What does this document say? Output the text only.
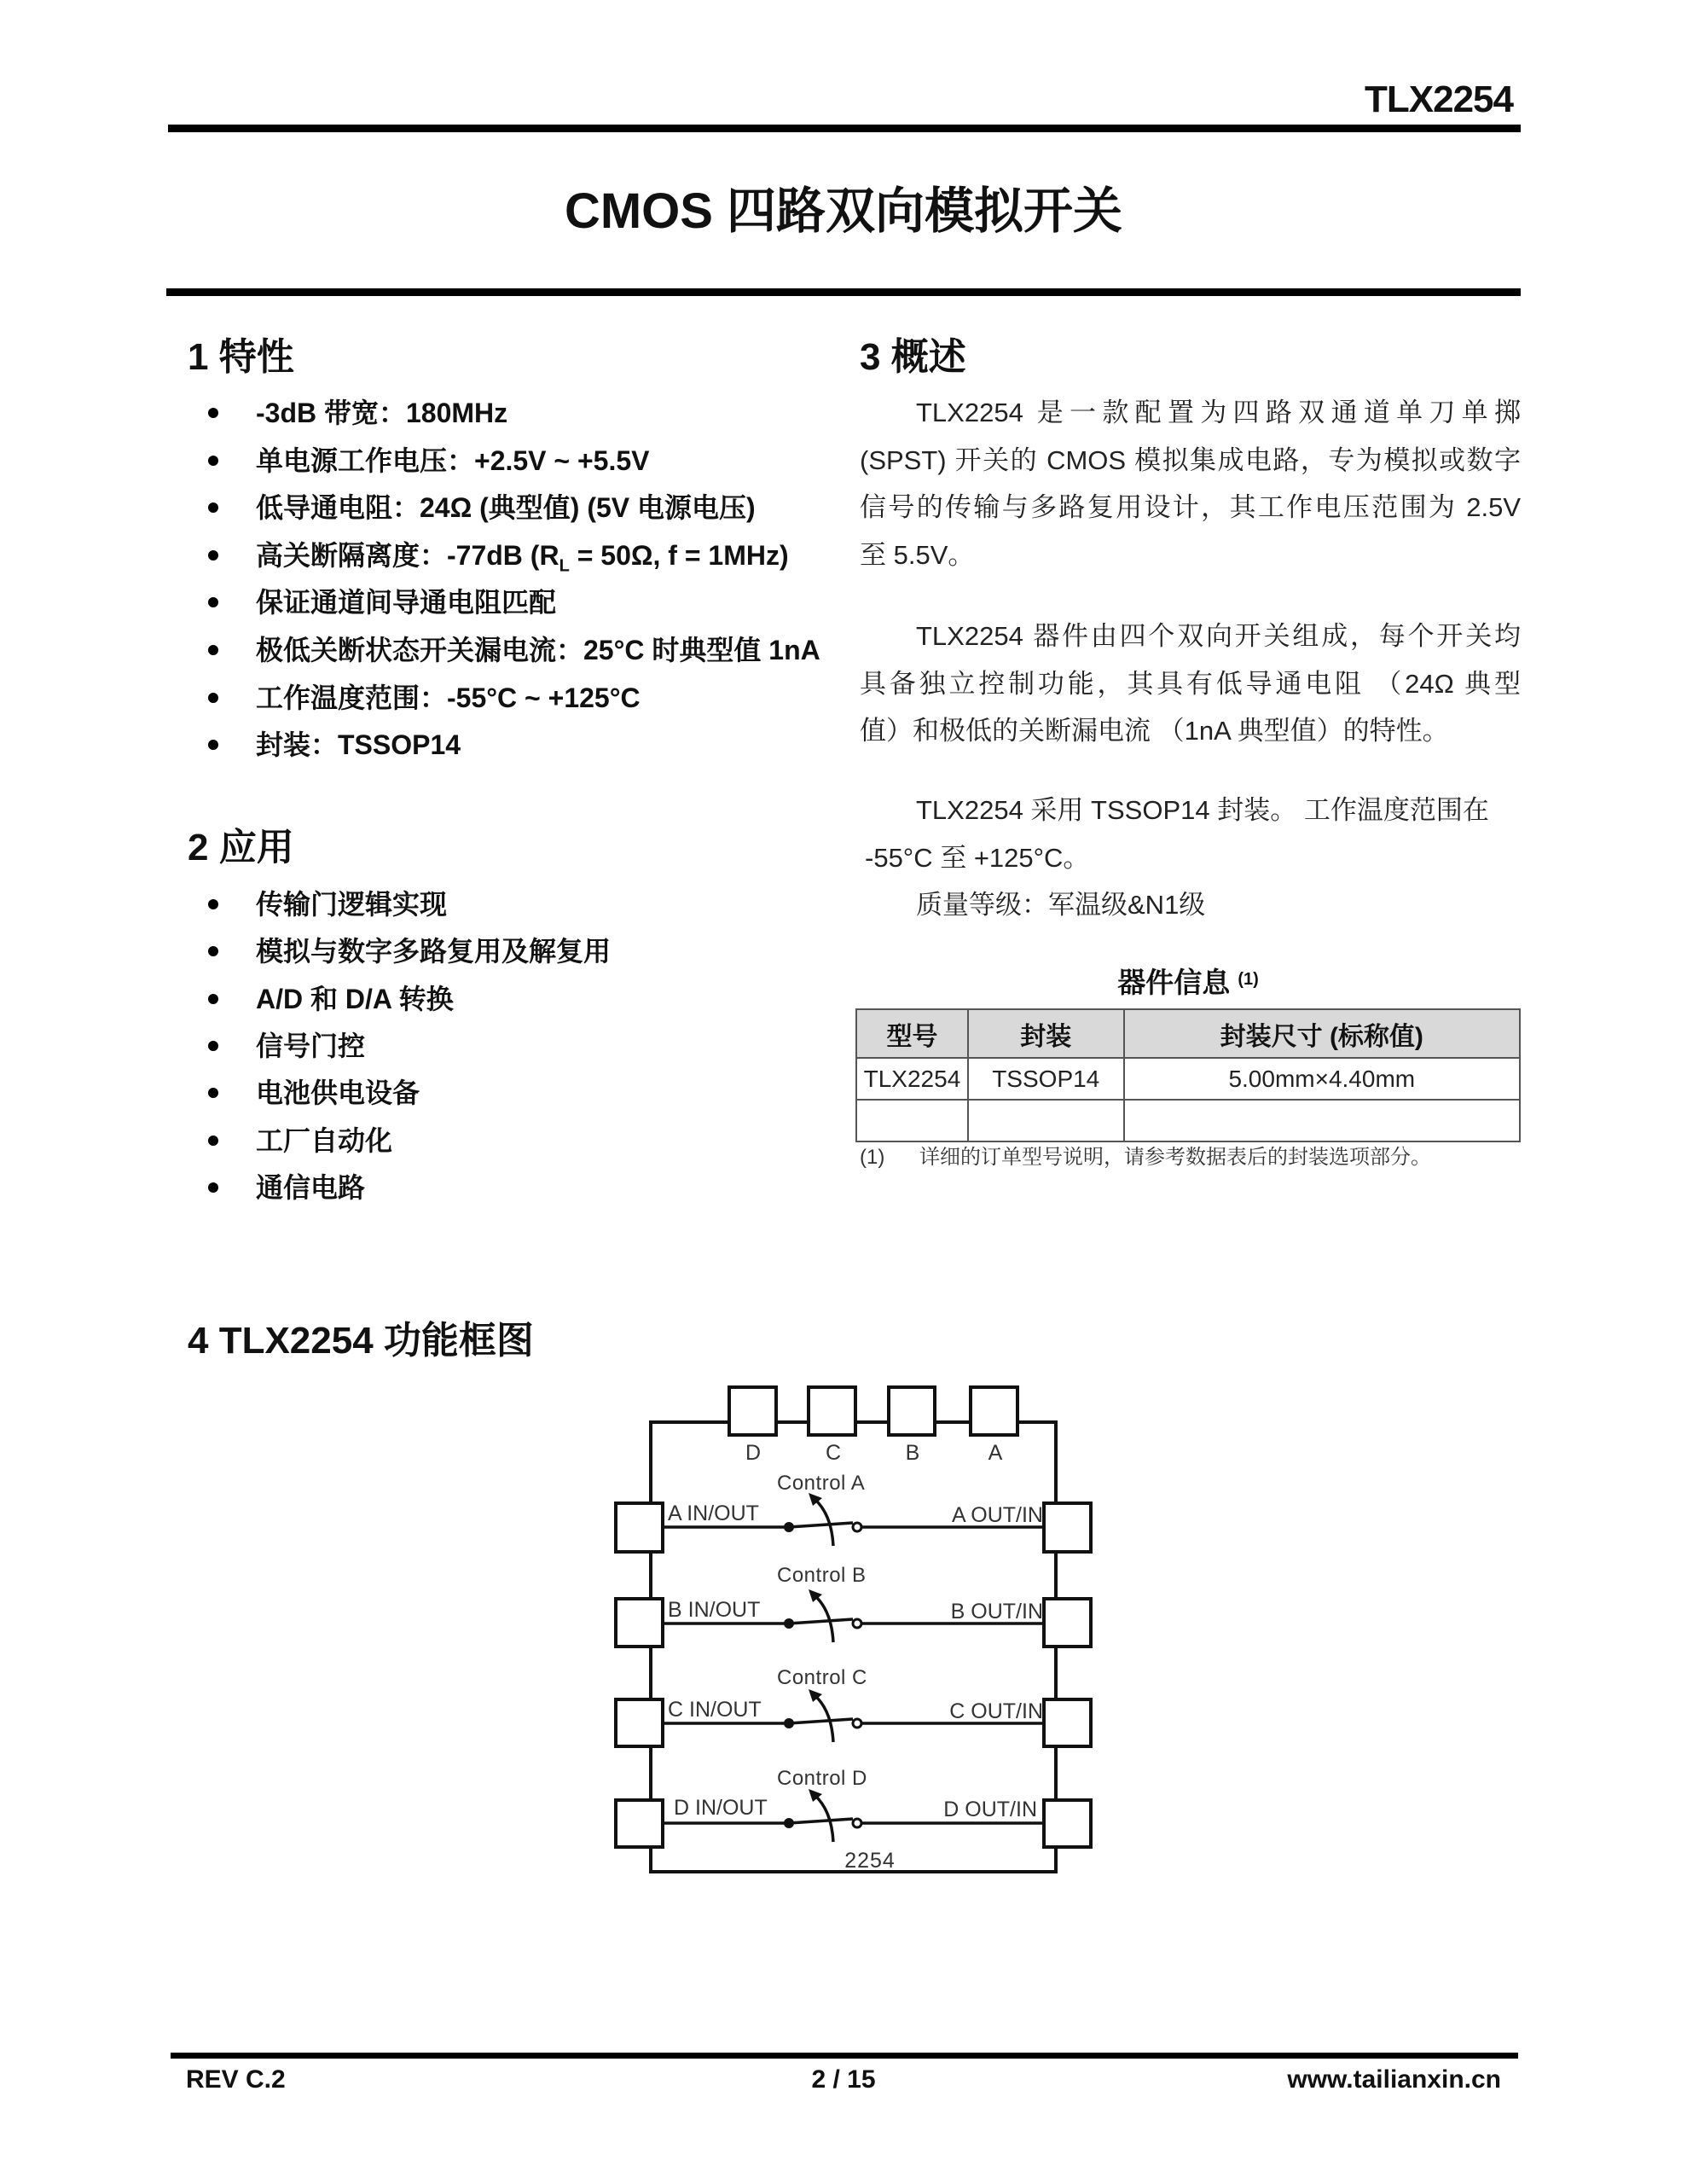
TLX2254
CMOS 四路双向模拟开关
1 特性
-3dB 带宽：180MHz
单电源工作电压：+2.5V ~ +5.5V
低导通电阻：24Ω (典型值) (5V 电源电压)
高关断隔离度：-77dB ($R_L = 50\Omega$, f = 1MHz)
保证通道间导通电阻匹配
极低关断状态开关漏电流：25°C 时典型值 1nA
工作温度范围：-55°C ~ +125°C
封装：TSSOP14
2 应用
传输门逻辑实现
模拟与数字多路复用及解复用
A/D 和 D/A 转换
信号门控
电池供电设备
工厂自动化
通信电路
3 概述
TLX2254 是一款配置为四路双通道单刀单掷
(SPST) 开关的 CMOS 模拟集成电路，专为模拟或数字
信号的传输与多路复用设计，其工作电压范围为 2.5V
至 5.5V。
TLX2254 器件由四个双向开关组成，每个开关均
具备独立控制功能，其具有低导通电阻 （24Ω 典型
值）和极低的关断漏电流 （1nA 典型值）的特性。
TLX2254 采用 TSSOP14 封装。 工作温度范围在
-55°C 至 +125°C。
质量等级：军温级&N1级
器件信息 $^{(1)}$
型号	封装	封装尺寸 (标称值)
TLX2254	TSSOP14	5.00mm×4.40mm

(1) 详细的订单型号说明，请参考数据表后的封装选项部分。
4 TLX2254 功能框图
D	C	B	A
Control A
A IN/OUT	A OUT/IN
Control B
B IN/OUT	B OUT/IN
Control C
C IN/OUT	C OUT/IN
Control D
D IN/OUT	D OUT/IN
2254
REV C.2	2 / 15	www.tailianxin.cn
